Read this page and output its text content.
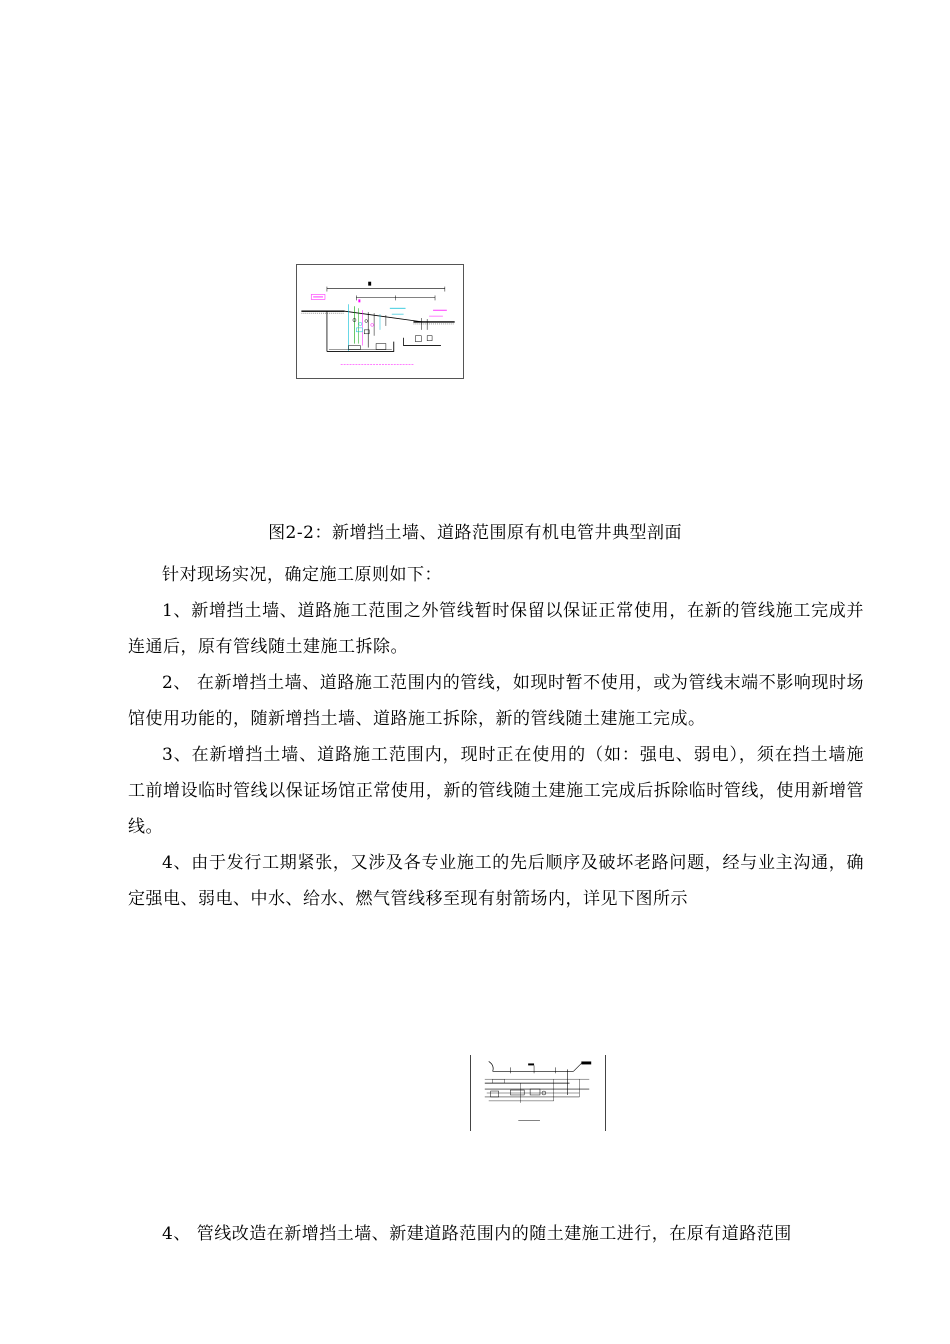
图2-2：新增挡土墙、道路范围原有机电管井典型剖面

针对现场实况，确定施工原则如下：

1、新增挡土墙、道路施工范围之外管线暂时保留以保证正常使用，在新的管线施工完成并连通后，原有管线随土建施工拆除。

2、 在新增挡土墙、道路施工范围内的管线，如现时暂不使用，或为管线末端不影响现时场馆使用功能的，随新增挡土墙、道路施工拆除，新的管线随土建施工完成。

3、在新增挡土墙、道路施工范围内，现时正在使用的（如：强电、弱电），须在挡土墙施工前增设临时管线以保证场馆正常使用，新的管线随土建施工完成后拆除临时管线，使用新增管线。

4、由于发行工期紧张，又涉及各专业施工的先后顺序及破坏老路问题，经与业主沟通，确定强电、弱电、中水、给水、燃气管线移至现有射箭场内，详见下图所示

4、 管线改造在新增挡土墙、新建道路范围内的随土建施工进行，在原有道路范围
